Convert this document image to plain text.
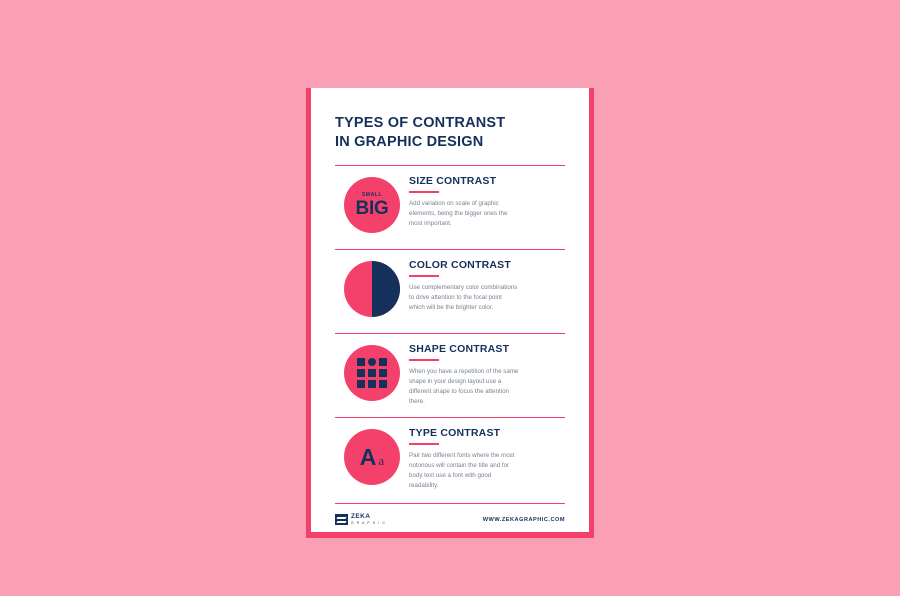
TYPES OF CONTRANST
IN GRAPHIC DESIGN
SMALL
BIG
SIZE CONTRAST

Add variation on scale of graphic elements, being the bigger ones the most important.

COLOR CONTRAST

Use complementary color combinations to drive attention to the focal point which will be the brighter color.

SHAPE CONTRAST

When you have a repetition of the same shape in your design layout use a different shape to focus the attention there.

A a
TYPE CONTRAST

Pair two different fonts where the most notorious will contain the title and for body text use a font with good readability.

ZEKA
G R A P H I C
WWW.ZEKAGRAPHIC.COM
